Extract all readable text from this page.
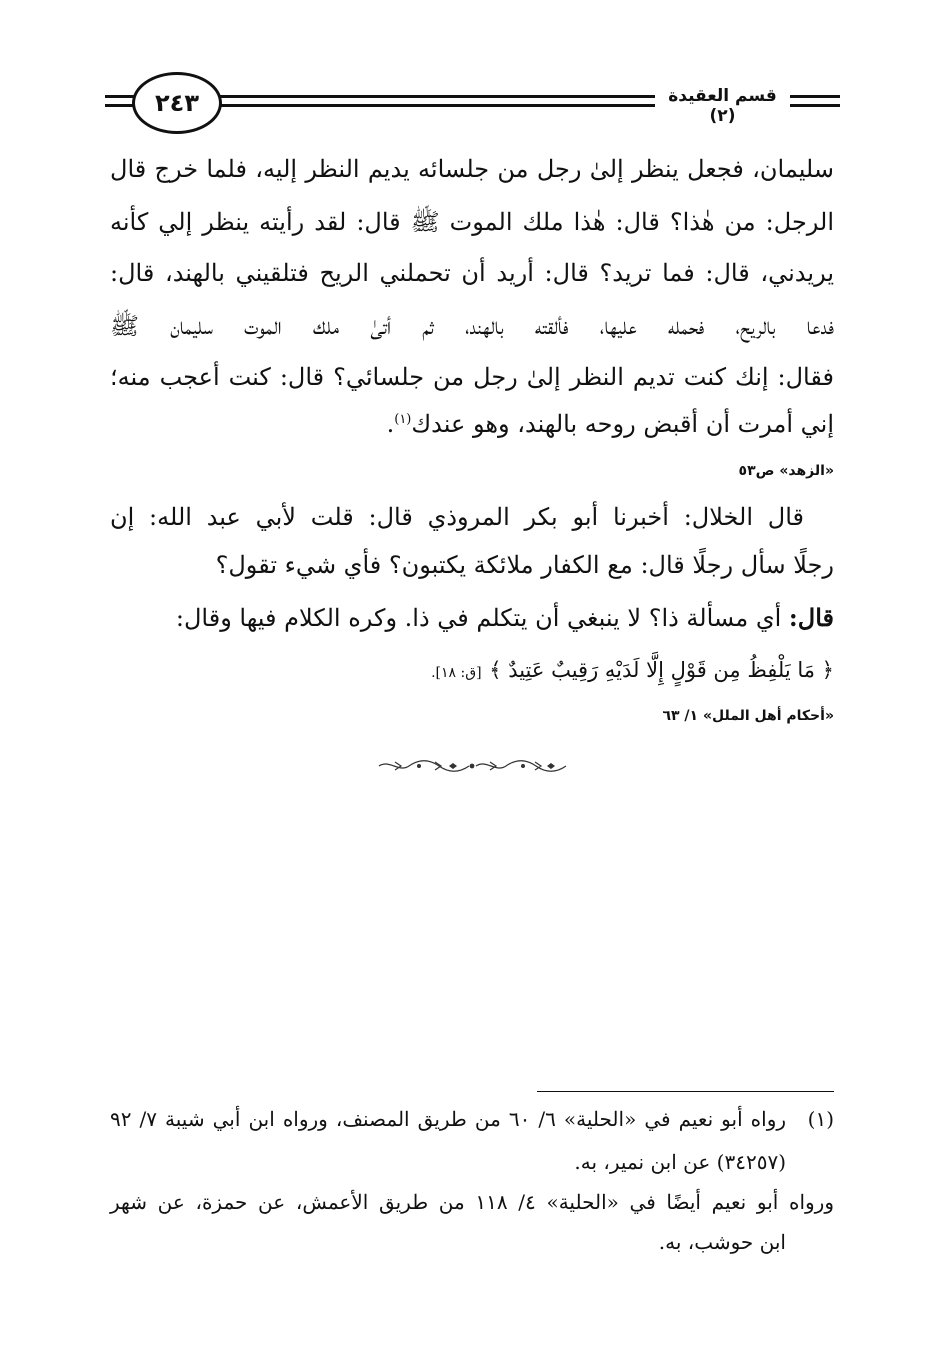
٢٤٣	قسم العقيدة (٢)
سليمان، فجعل ينظر إلىٰ رجل من جلسائه يديم النظر إليه، فلما خرج قال
الرجل: من هٰذا؟ قال: هٰذا ملك الموت ﷺ قال: لقد رأيته ينظر إلي كأنه
يريدني، قال: فما تريد؟ قال: أريد أن تحملني الريح فتلقيني بالهند، قال:
فدعا بالريح، فحمله عليها، فألقته بالهند، ثم أتىٰ ملك الموت سليمان ﷺ
فقال: إنك كنت تديم النظر إلىٰ رجل من جلسائي؟ قال: كنت أعجب منه؛
إني أمرت أن أقبض روحه بالهند، وهو عندك$^{(١)}$.
«الزهد» ص٥٣
قال الخلال: أخبرنا أبو بكر المروذي قال: قلت لأبي عبد الله: إن
رجلًا سأل رجلًا قال: مع الكفار ملائكة يكتبون؟ فأي شيء تقول؟
قال: أي مسألة ذا؟ لا ينبغي أن يتكلم في ذا. وكره الكلام فيها وقال:
﴿ مَا يَلْفِظُ مِن قَوْلٍ إِلَّا لَدَيْهِ رَقِيبٌ عَتِيدٌ ﴾ [ق: ١٨].
«أحكام أهل الملل» ١/ ٦٣
(١)رواه أبو نعيم في «الحلية» ٦/ ٦٠ من طريق المصنف، ورواه ابن أبي شيبة ٧/ ٩٢
(٣٤٢٥٧) عن ابن نمير، به.
ورواه أبو نعيم أيضًا في «الحلية» ٤/ ١١٨ من طريق الأعمش، عن حمزة، عن شهر
ابن حوشب، به.
